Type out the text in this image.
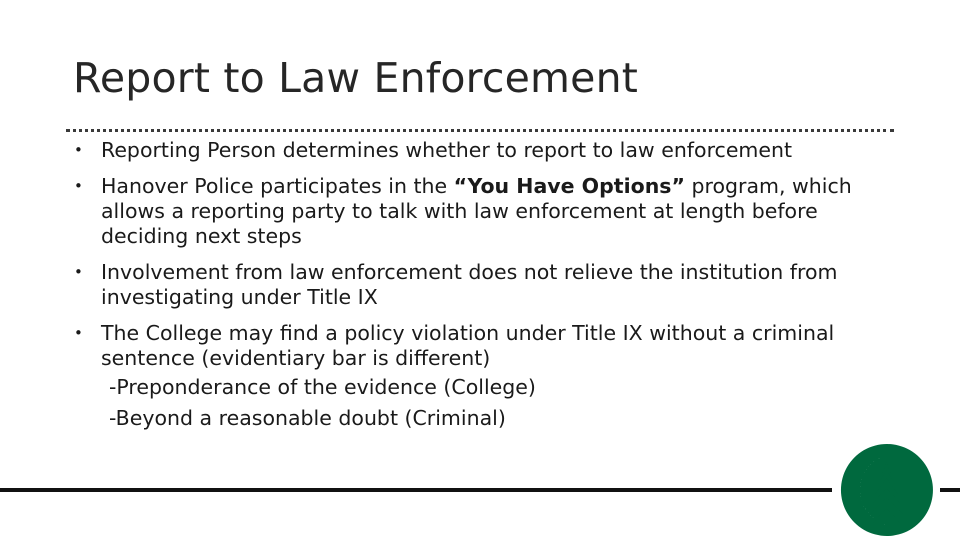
Report to Law Enforcement
• Reporting Person determines whether to report to law enforcement
• Hanover Police participates in the “You Have Options” program, which allows a reporting party to talk with law enforcement at length before deciding next steps
• Involvement from law enforcement does not relieve the institution from investigating under Title IX
• The College may find a policy violation under Title IX without a criminal sentence (evidentiary bar is different)
-Preponderance of the evidence (College)
-Beyond a reasonable doubt (Criminal)
